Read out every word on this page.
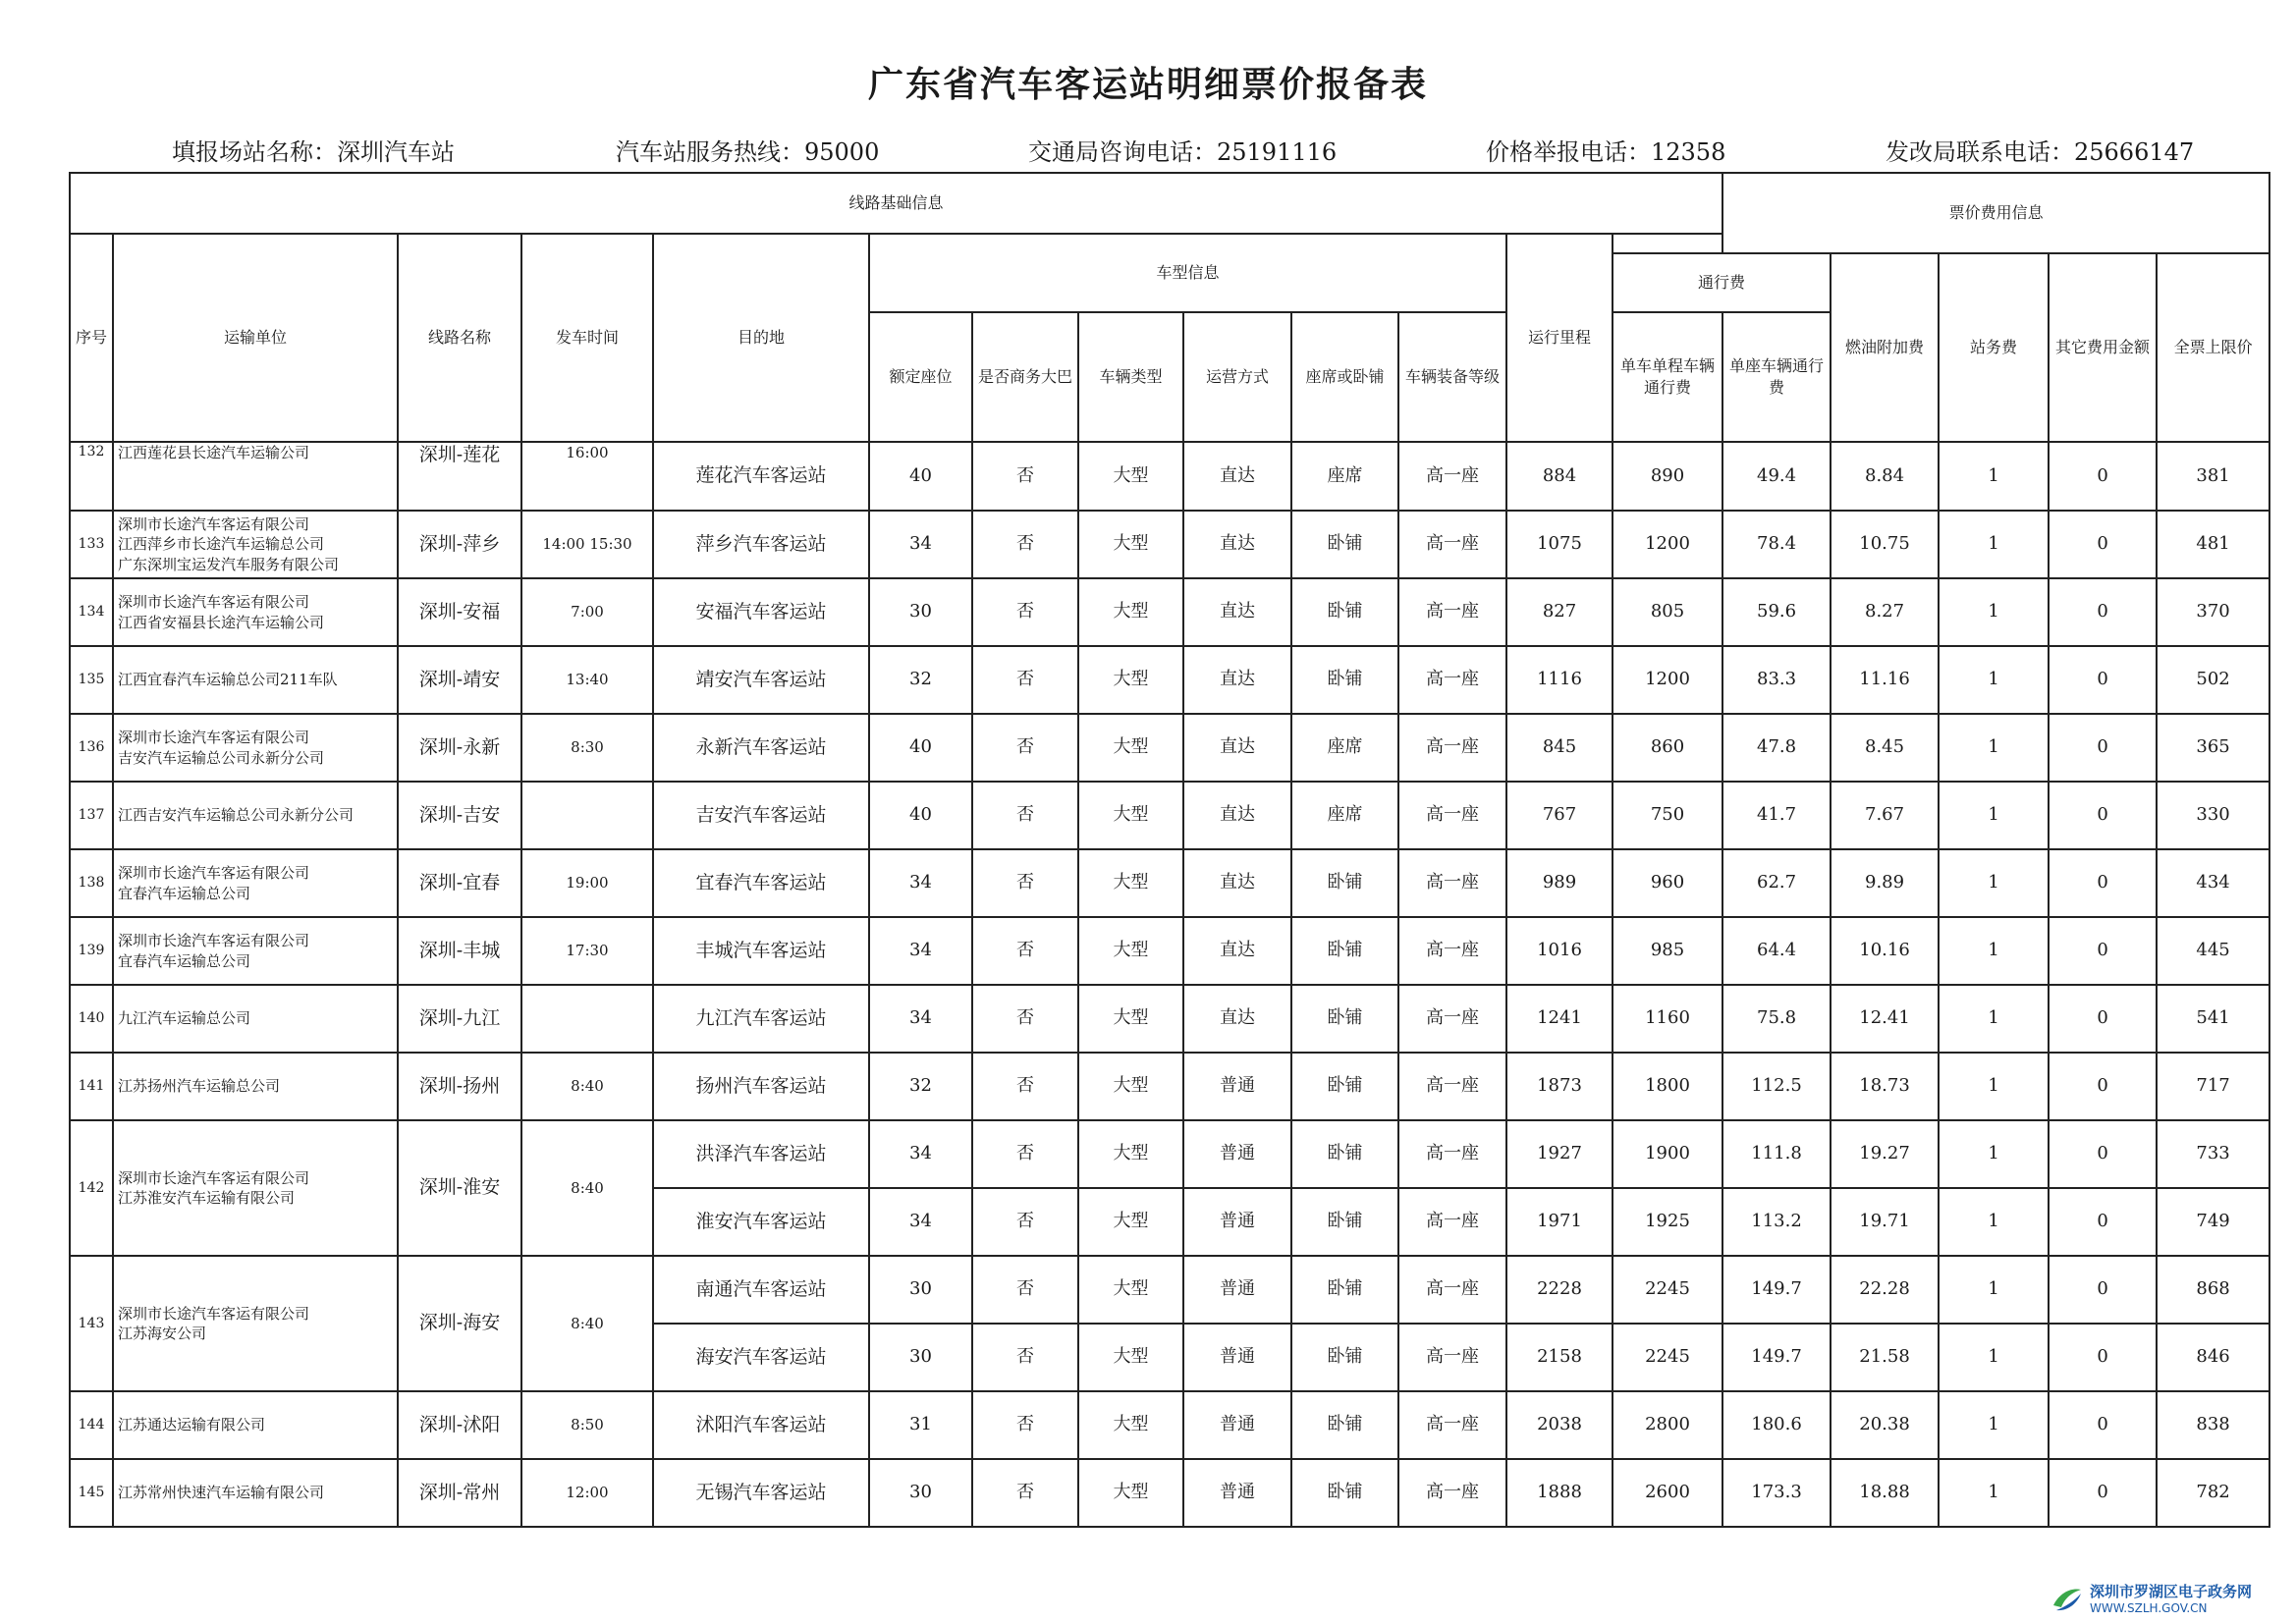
广东省汽车客运站明细票价报备表
填报场站名称：深圳汽车站	汽车站服务热线：95000	交通局咨询电话：25191116	价格举报电话：12358	发改局联系电话：25666147
线路基础信息													票价费用信息				
序号	运输单位	线路名称	发车时间	目的地	车型信息						运行里程						
												通行费		燃油附加费	站务费	其它费用金额	全票上限价
					额定座位	是否商务大巴	车辆类型	运营方式	座席或卧铺	车辆装备等级		单车单程车辆通行费	单座车辆通行费				
132	江西莲花县长途汽车运输公司	深圳-莲花	16:00	莲花汽车客运站	40	否	大型	直达	座席	高一座	884	890	49.4	8.84	1	0	381
133	深圳市长途汽车客运有限公司
江西萍乡市长途汽车运输总公司
广东深圳宝运发汽车服务有限公司	深圳-萍乡	14:00 15:30	萍乡汽车客运站	34	否	大型	直达	卧铺	高一座	1075	1200	78.4	10.75	1	0	481
134	深圳市长途汽车客运有限公司
江西省安福县长途汽车运输公司	深圳-安福	7:00	安福汽车客运站	30	否	大型	直达	卧铺	高一座	827	805	59.6	8.27	1	0	370
135	江西宜春汽车运输总公司211车队	深圳-靖安	13:40	靖安汽车客运站	32	否	大型	直达	卧铺	高一座	1116	1200	83.3	11.16	1	0	502
136	深圳市长途汽车客运有限公司
吉安汽车运输总公司永新分公司	深圳-永新	8:30	永新汽车客运站	40	否	大型	直达	座席	高一座	845	860	47.8	8.45	1	0	365
137	江西吉安汽车运输总公司永新分公司	深圳-吉安		吉安汽车客运站	40	否	大型	直达	座席	高一座	767	750	41.7	7.67	1	0	330
138	深圳市长途汽车客运有限公司
宜春汽车运输总公司	深圳-宜春	19:00	宜春汽车客运站	34	否	大型	直达	卧铺	高一座	989	960	62.7	9.89	1	0	434
139	深圳市长途汽车客运有限公司
宜春汽车运输总公司	深圳-丰城	17:30	丰城汽车客运站	34	否	大型	直达	卧铺	高一座	1016	985	64.4	10.16	1	0	445
140	九江汽车运输总公司	深圳-九江		九江汽车客运站	34	否	大型	直达	卧铺	高一座	1241	1160	75.8	12.41	1	0	541
141	江苏扬州汽车运输总公司	深圳-扬州	8:40	扬州汽车客运站	32	否	大型	普通	卧铺	高一座	1873	1800	112.5	18.73	1	0	717
142	深圳市长途汽车客运有限公司
江苏淮安汽车运输有限公司	深圳-淮安	8:40	洪泽汽车客运站	34	否	大型	普通	卧铺	高一座	1927	1900	111.8	19.27	1	0	733
				淮安汽车客运站	34	否	大型	普通	卧铺	高一座	1971	1925	113.2	19.71	1	0	749
143	深圳市长途汽车客运有限公司
江苏海安公司	深圳-海安	8:40	南通汽车客运站	30	否	大型	普通	卧铺	高一座	2228	2245	149.7	22.28	1	0	868
				海安汽车客运站	30	否	大型	普通	卧铺	高一座	2158	2245	149.7	21.58	1	0	846
144	江苏通达运输有限公司	深圳-沭阳	8:50	沭阳汽车客运站	31	否	大型	普通	卧铺	高一座	2038	2800	180.6	20.38	1	0	838
145	江苏常州快速汽车运输有限公司	深圳-常州	12:00	无锡汽车客运站	30	否	大型	普通	卧铺	高一座	1888	2600	173.3	18.88	1	0	782
深圳市罗湖区电子政务网
WWW.SZLH.GOV.CN
